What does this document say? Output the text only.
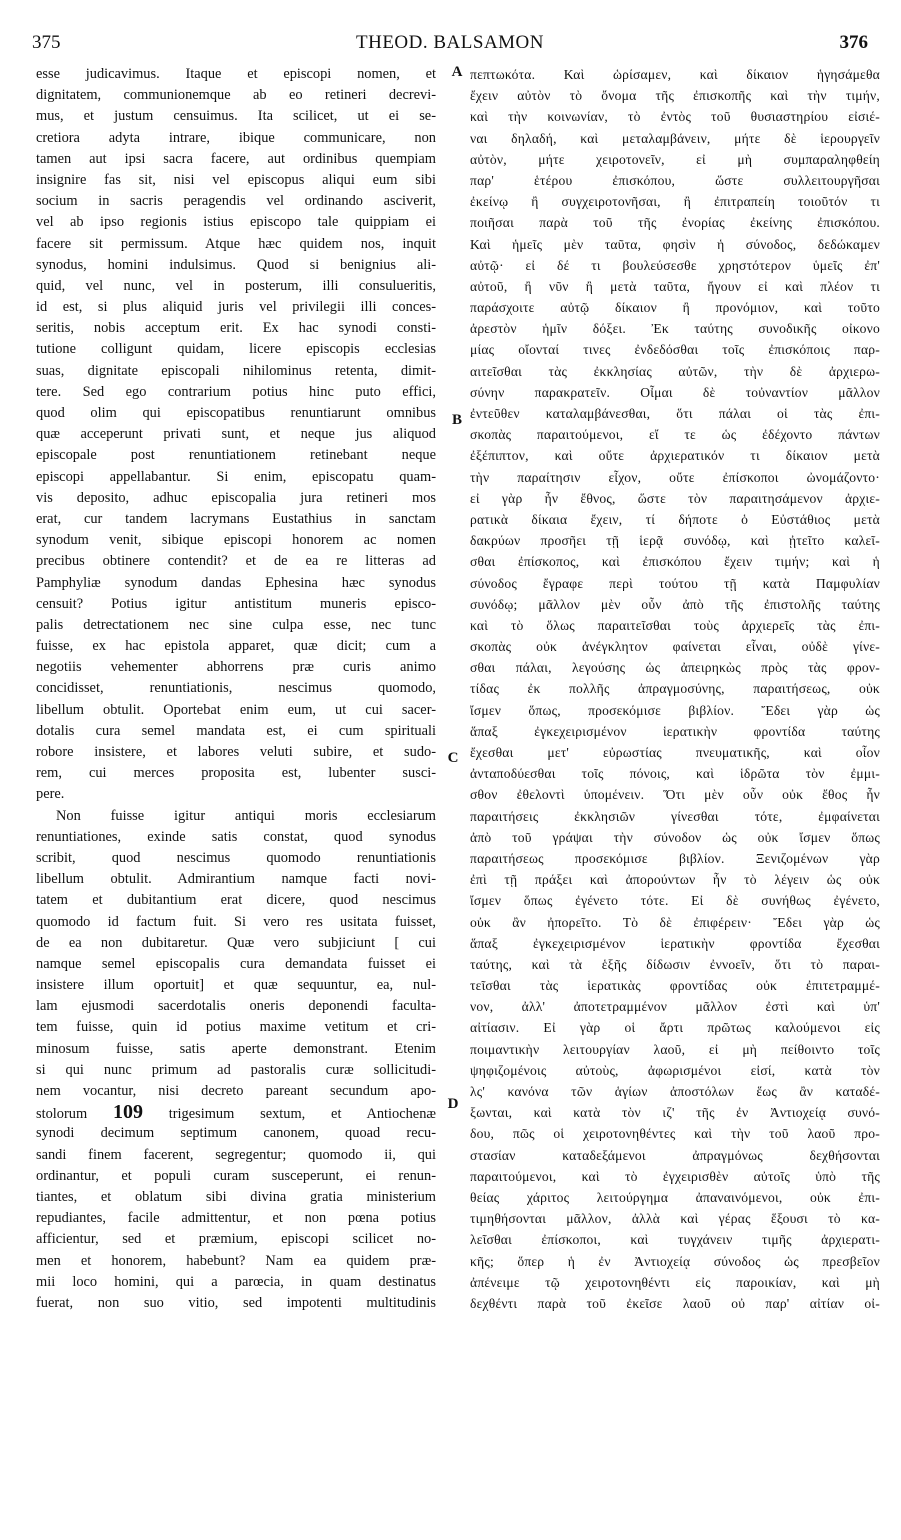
375	THEOD. BALSAMON	376
A
B
C
D
esse judicavimus. Itaque et episcopi nomen, et
dignitatem, communionemque ab eo retineri decrevi-
mus, et justum censuimus. Ita scilicet, ut ei se-
cretiora adyta intrare, ibique communicare, non
tamen aut ipsi sacra facere, aut ordinibus quempiam
insignire fas sit, nisi vel episcopus aliqui eum sibi
socium in sacris peragendis vel ordinando asciverit,
vel ab ipso regionis istius episcopo tale quippiam ei
facere sit permissum. Atque hæc quidem nos, inquit
synodus, homini indulsimus. Quod si benignius ali-
quid, vel nunc, vel in posterum, illi consulueritis,
id est, si plus aliquid juris vel privilegii illi conces-
seritis, nobis acceptum erit. Ex hac synodi consti-
tutione colligunt quidam, licere episcopis ecclesias
suas, dignitate episcopali nihilominus retenta, dimit-
tere. Sed ego contrarium potius hinc puto effici,
quod olim qui episcopatibus renuntiarunt omnibus
quæ acceperunt privati sunt, et neque jus aliquod
episcopale post renuntiationem retinebant neque
episcopi appellabantur. Si enim, episcopatu quam-
vis deposito, adhuc episcopalia jura retineri mos
erat, cur tandem lacrymans Eustathius in sanctam
synodum venit, sibique episcopi honorem ac nomen
precibus obtinere contendit? et de ea re litteras ad
Pamphyliæ synodum dandas Ephesina hæc synodus
censuit? Potius igitur antistitum muneris episco-
palis detrectationem nec sine culpa esse, nec tunc
fuisse, ex hac epistola apparet, quæ dicit; cum a
negotiis vehementer abhorrens præ curis animo
concidisset, renuntiationis, nescimus quomodo,
libellum obtulit. Oportebat enim eum, ut cui sacer-
dotalis cura semel mandata est, ei cum spirituali
robore insistere, et labores veluti subire, et sudo-
rem, cui merces proposita est, lubenter susci-
pere.
Non fuisse igitur antiqui moris ecclesiarum
renuntiationes, exinde satis constat, quod synodus
scribit, quod nescimus quomodo renuntiationis
libellum obtulit. Admirantium namque facti novi-
tatem et dubitantium erat dicere, quod nescimus
quomodo id factum fuit. Si vero res usitata fuisset,
de ea non dubitaretur. Quæ vero subjiciunt [ cui
namque semel episcopalis cura demandata fuisset ei
insistere illum oportuit] et quæ sequuntur, ea, nul-
lam ejusmodi sacerdotalis oneris deponendi faculta-
tem fuisse, quin id potius maxime vetitum et cri-
minosum fuisse, satis aperte demonstrant. Etenim
si qui nunc primum ad pastoralis curæ sollicitudi-
nem vocantur, nisi decreto pareant secundum apo-
stolorum 109 trigesimum sextum, et Antiochenæ
synodi decimum septimum canonem, quoad recu-
sandi finem facerent, segregentur; quomodo ii, qui
ordinantur, et populi curam susceperunt, ei renun-
tiantes, et oblatum sibi divina gratia ministerium
repudiantes, facile admittentur, et non pœna potius
afficientur, sed et præmium, episcopi scilicet no-
men et honorem, habebunt? Nam ea quidem præ-
mii loco homini, qui a parœcia, in quam destinatus
fuerat, non suo vitio, sed impotenti multitudinis
πεπτωκότα. Καὶ ὡρίσαμεν, καὶ δίκαιον ἡγησάμεθα
ἔχειν αὐτὸν τὸ ὄνομα τῆς ἐπισκοπῆς καὶ τὴν τιμήν,
καὶ τὴν κοινωνίαν, τὸ ἐντὸς τοῦ θυσιαστηρίου εἰσιέ-
ναι δηλαδή, καὶ μεταλαμβάνειν, μήτε δὲ ἱερουργεῖν
αὐτὸν, μήτε χειροτονεῖν, εἰ μὴ συμπαραληφθείη
παρ' ἑτέρου ἐπισκόπου, ὥστε συλλειτουργῆσαι
ἐκείνῳ ἢ συγχειροτονῆσαι, ἢ ἐπιτραπείη τοιοῦτόν τι
ποιῆσαι παρὰ τοῦ τῆς ἐνορίας ἐκείνης ἐπισκόπου.
Καὶ ἡμεῖς μὲν ταῦτα, φησὶν ἡ σύνοδος, δεδώκαμεν
αὐτῷ· εἰ δέ τι βουλεύσεσθε χρηστότερον ὑμεῖς ἐπ'
αὐτοῦ, ἢ νῦν ἢ μετὰ ταῦτα, ἤγουν εἰ καὶ πλέον τι
παράσχοιτε αὐτῷ δίκαιον ἢ προνόμιον, καὶ τοῦτο
ἀρεστὸν ἡμῖν δόξει. Ἐκ ταύτης συνοδικῆς οἰκονο
μίας οἴονταί τινες ἐνδεδόσθαι τοῖς ἐπισκόποις παρ-
αιτεῖσθαι τὰς ἐκκλησίας αὐτῶν, τὴν δὲ ἀρχιερω-
σύνην παρακρατεῖν. Οἶμαι δὲ τοὐναντίον μᾶλλον
ἐντεῦθεν καταλαμβάνεσθαι, ὅτι πάλαι οἱ τὰς ἐπι-
σκοπὰς παραιτούμενοι, εἴ τε ὡς ἐδέχοντο πάντων
ἐξέπιπτον, καὶ οὔτε ἀρχιερατικόν τι δίκαιον μετὰ
τὴν παραίτησιν εἶχον, οὔτε ἐπίσκοποι ὠνομάζοντο·
εἰ γὰρ ἦν ἔθνος, ὥστε τὸν παραιτησάμενον ἀρχιε-
ρατικὰ δίκαια ἔχειν, τί δήποτε ὁ Εὐστάθιος μετὰ
δακρύων προσῆει τῇ ἱερᾷ συνόδῳ, καὶ ᾐτεῖτο καλεῖ-
σθαι ἐπίσκοπος, καὶ ἐπισκόπου ἔχειν τιμήν; καὶ ἡ
σύνοδος ἔγραφε περὶ τούτου τῇ κατὰ Παμφυλίαν
συνόδῳ; μᾶλλον μὲν οὖν ἀπὸ τῆς ἐπιστολῆς ταύτης
καὶ τὸ ὅλως παραιτεῖσθαι τοὺς ἀρχιερεῖς τὰς ἐπι-
σκοπὰς οὐκ ἀνέγκλητον φαίνεται εἶναι, οὐδὲ γίνε-
σθαι πάλαι, λεγούσης ὡς ἀπειρηκὼς πρὸς τὰς φρον-
τίδας ἐκ πολλῆς ἀπραγμοσύνης, παραιτήσεως, οὐκ
ἴσμεν ὅπως, προσεκόμισε βιβλίον. Ἔδει γὰρ ὡς
ἅπαξ ἐγκεχειρισμένον ἱερατικὴν φροντίδα ταύτης
ἔχεσθαι μετ' εὐρωστίας πνευματικῆς, καὶ οἷον
ἀνταποδύεσθαι τοῖς πόνοις, καὶ ἱδρῶτα τὸν ἐμμι-
σθον ἐθελοντὶ ὑπομένειν. Ὅτι μὲν οὖν οὐκ ἔθος ἦν
παραιτήσεις ἐκκλησιῶν γίνεσθαι τότε, ἐμφαίνεται
ἀπὸ τοῦ γράψαι τὴν σύνοδον ὡς οὐκ ἴσμεν ὅπως
παραιτήσεως προσεκόμισε βιβλίον. Ξενιζομένων γὰρ
ἐπὶ τῇ πράξει καὶ ἀπορούντων ἦν τὸ λέγειν ὡς οὐκ
ἴσμεν ὅπως ἐγένετο τότε. Εἰ δὲ συνήθως ἐγένετο,
οὐκ ἂν ἠπορεῖτο. Τὸ δὲ ἐπιφέρειν· Ἔδει γὰρ ὡς
ἅπαξ ἐγκεχειρισμένον ἱερατικὴν φροντίδα ἔχεσθαι
ταύτης, καὶ τὰ ἑξῆς δίδωσιν ἐννοεῖν, ὅτι τὸ παραι-
τεῖσθαι τὰς ἱερατικὰς φροντίδας οὐκ ἐπιτετραμμέ-
νον, ἀλλ' ἀποτετραμμένον μᾶλλον ἐστὶ καὶ ὑπ'
αἰτίασιν. Εἰ γὰρ οἱ ἄρτι πρῶτως καλούμενοι εἰς
ποιμαντικὴν λειτουργίαν λαοῦ, εἰ μὴ πείθοιντο τοῖς
ψηφιζομένοις αὐτοὺς, ἀφωρισμένοι εἰσί, κατὰ τὸν
λς' κανόνα τῶν ἁγίων ἀποστόλων ἕως ἂν καταδέ-
ξωνται, καὶ κατὰ τὸν ιζ' τῆς ἐν Ἀντιοχείᾳ συνό-
δου, πῶς οἱ χειροτονηθέντες καὶ τὴν τοῦ λαοῦ προ-
στασίαν καταδεξάμενοι ἀπραγμόνως δεχθήσονται
παραιτούμενοι, καὶ τὸ ἐγχειρισθὲν αὐτοῖς ὑπὸ τῆς
θείας χάριτος λειτούργημα ἀπαναινόμενοι, οὐκ ἐπι-
τιμηθήσονται μᾶλλον, ἀλλὰ καὶ γέρας ἕξουσι τὸ κα-
λεῖσθαι ἐπίσκοποι, καὶ τυγχάνειν τιμῆς ἀρχιερατι-
κῆς; ὅπερ ἡ ἐν Ἀντιοχείᾳ σύνοδος ὡς πρεσβεῖον
ἀπένειμε τῷ χειροτονηθέντι εἰς παροικίαν, καὶ μὴ
δεχθέντι παρὰ τοῦ ἐκεῖσε λαοῦ οὐ παρ' αἰτίαν οἰ-
